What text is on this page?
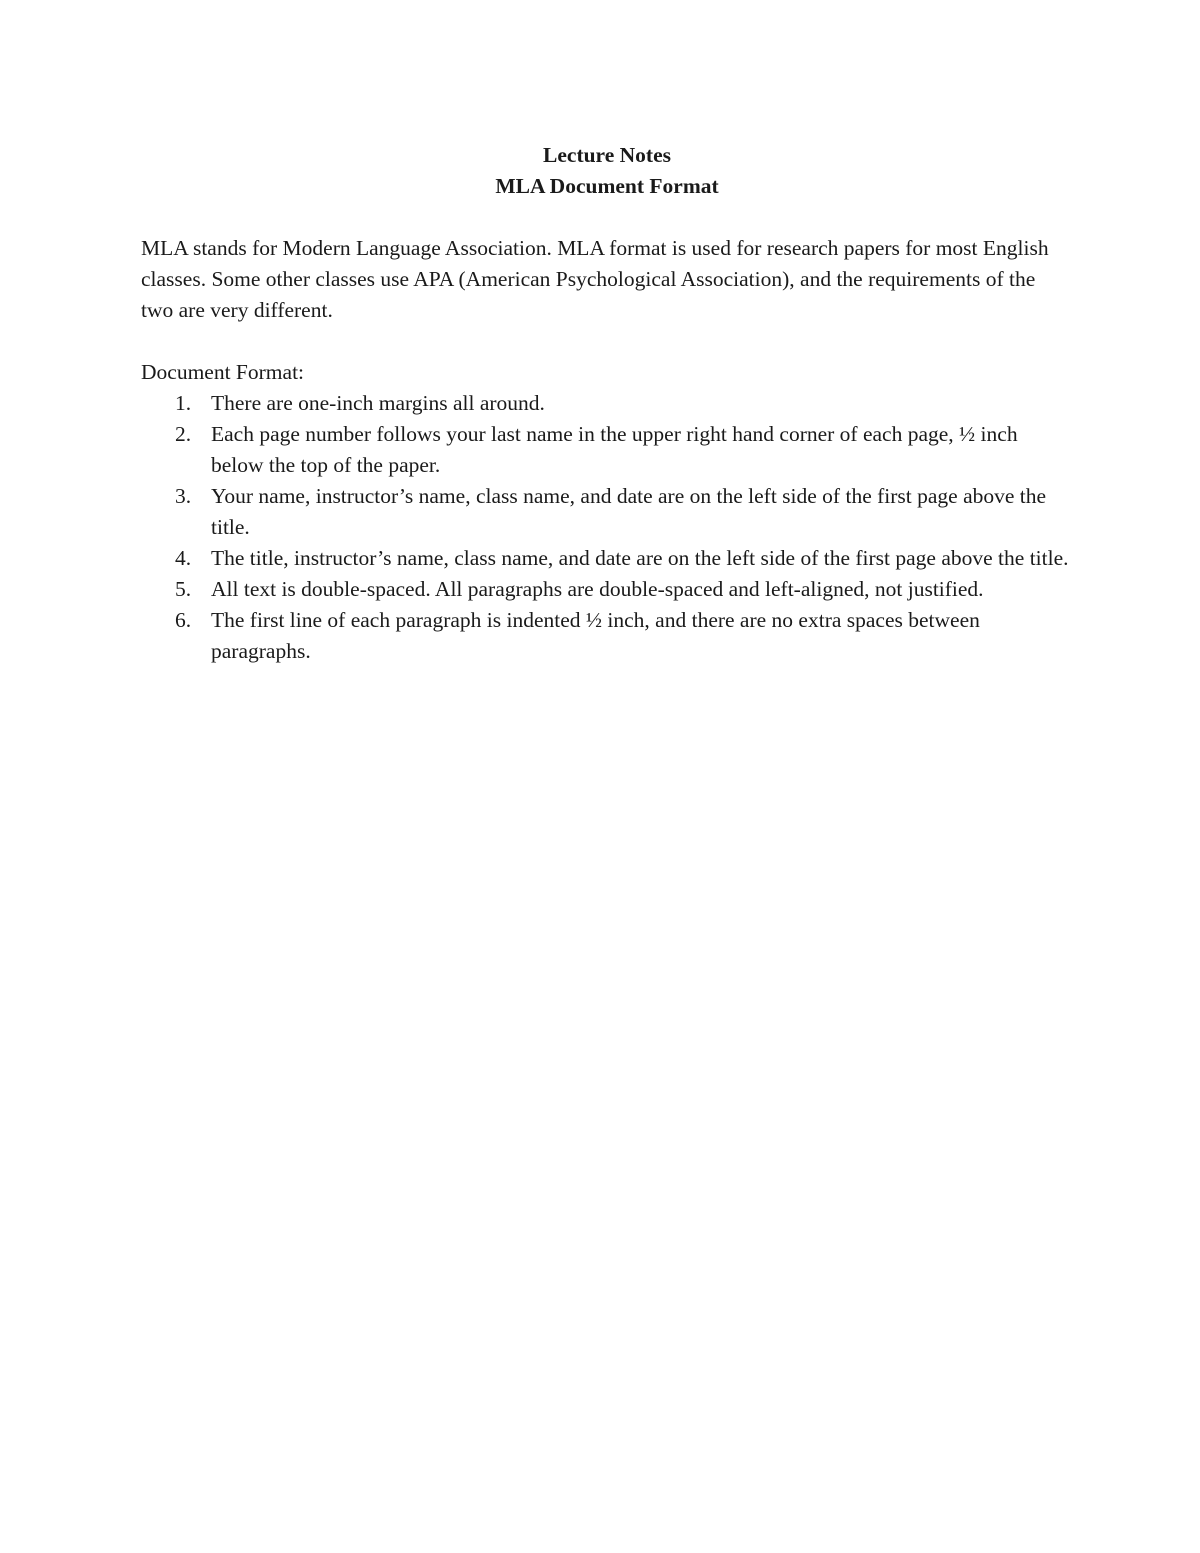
Lecture Notes
MLA Document Format

MLA stands for Modern Language Association. MLA format is used for research papers for most English classes. Some other classes use APA (American Psychological Association), and the requirements of the two are very different.

Document Format:

1. There are one-inch margins all around.
2. Each page number follows your last name in the upper right hand corner of each page, ½ inch below the top of the paper.
3. Your name, instructor’s name, class name, and date are on the left side of the first page above the title.
4. The title, instructor’s name, class name, and date are on the left side of the first page above the title.
5. All text is double-spaced. All paragraphs are double-spaced and left-aligned, not justified.
6. The first line of each paragraph is indented ½ inch, and there are no extra spaces between paragraphs.
